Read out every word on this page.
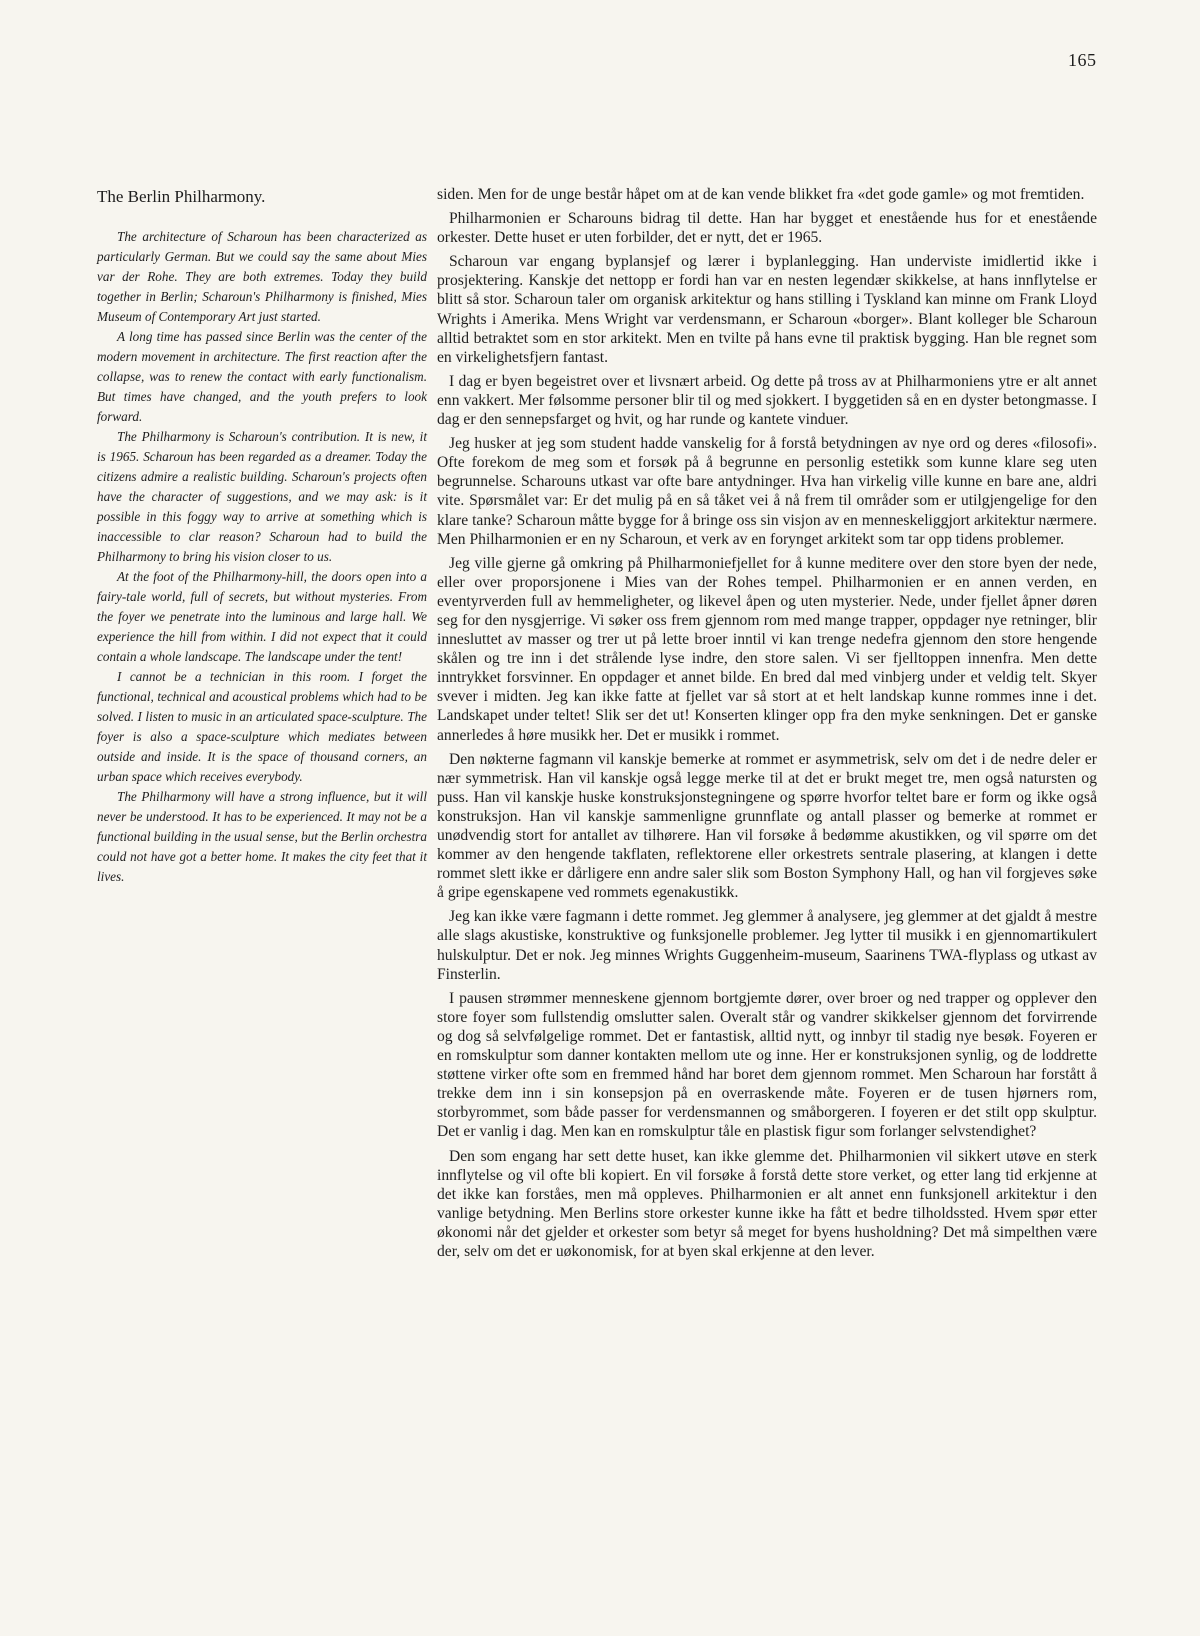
165
The Berlin Philharmony.

The architecture of Scharoun has been characterized as particularly German. But we could say the same about Mies var der Rohe. They are both extremes. Today they build together in Berlin; Scharoun's Philharmony is finished, Mies Museum of Contemporary Art just started.

A long time has passed since Berlin was the center of the modern movement in architecture. The first reaction after the collapse, was to renew the contact with early functionalism. But times have changed, and the youth prefers to look forward.

The Philharmony is Scharoun's contribution. It is new, it is 1965. Scharoun has been regarded as a dreamer. Today the citizens admire a realistic building. Scharoun's projects often have the character of suggestions, and we may ask: is it possible in this foggy way to arrive at something which is inaccessible to clar reason? Scharoun had to build the Philharmony to bring his vision closer to us.

At the foot of the Philharmony-hill, the doors open into a fairy-tale world, full of secrets, but without mysteries. From the foyer we penetrate into the luminous and large hall. We experience the hill from within. I did not expect that it could contain a whole landscape. The landscape under the tent!

I cannot be a technician in this room. I forget the functional, technical and acoustical problems which had to be solved. I listen to music in an articulated space-sculpture. The foyer is also a space-sculpture which mediates between outside and inside. It is the space of thousand corners, an urban space which receives everybody.

The Philharmony will have a strong influence, but it will never be understood. It has to be experienced. It may not be a functional building in the usual sense, but the Berlin orchestra could not have got a better home. It makes the city feet that it lives.

siden. Men for de unge består håpet om at de kan vende blikket fra «det gode gamle» og mot fremtiden.

Philharmonien er Scharouns bidrag til dette. Han har bygget et enestående hus for et enestående orkester. Dette huset er uten forbilder, det er nytt, det er 1965.

Scharoun var engang byplansjef og lærer i byplanlegging. Han underviste imidlertid ikke i prosjektering. Kanskje det nettopp er fordi han var en nesten legendær skikkelse, at hans innflytelse er blitt så stor. Scharoun taler om organisk arkitektur og hans stilling i Tyskland kan minne om Frank Lloyd Wrights i Amerika. Mens Wright var verdensmann, er Scharoun «borger». Blant kolleger ble Scharoun alltid betraktet som en stor arkitekt. Men en tvilte på hans evne til praktisk bygging. Han ble regnet som en virkelighetsfjern fantast.

I dag er byen begeistret over et livsnært arbeid. Og dette på tross av at Philharmoniens ytre er alt annet enn vakkert. Mer følsomme personer blir til og med sjokkert. I byggetiden så en en dyster betongmasse. I dag er den sennepsfarget og hvit, og har runde og kantete vinduer.

Jeg husker at jeg som student hadde vanskelig for å forstå betydningen av nye ord og deres «filosofi». Ofte forekom de meg som et forsøk på å begrunne en personlig estetikk som kunne klare seg uten begrunnelse. Scharouns utkast var ofte bare antydninger. Hva han virkelig ville kunne en bare ane, aldri vite. Spørsmålet var: Er det mulig på en så tåket vei å nå frem til områder som er utilgjengelige for den klare tanke? Scharoun måtte bygge for å bringe oss sin visjon av en menneskeliggjort arkitektur nærmere. Men Philharmonien er en ny Scharoun, et verk av en forynget arkitekt som tar opp tidens problemer.

Jeg ville gjerne gå omkring på Philharmoniefjellet for å kunne meditere over den store byen der nede, eller over proporsjonene i Mies van der Rohes tempel. Philharmonien er en annen verden, en eventyrverden full av hemmeligheter, og likevel åpen og uten mysterier. Nede, under fjellet åpner døren seg for den nysgjerrige. Vi søker oss frem gjennom rom med mange trapper, oppdager nye retninger, blir innesluttet av masser og trer ut på lette broer inntil vi kan trenge nedefra gjennom den store hengende skålen og tre inn i det strålende lyse indre, den store salen. Vi ser fjelltoppen innenfra. Men dette inntrykket forsvinner. En oppdager et annet bilde. En bred dal med vinbjerg under et veldig telt. Skyer svever i midten. Jeg kan ikke fatte at fjellet var så stort at et helt landskap kunne rommes inne i det. Landskapet under teltet! Slik ser det ut! Konserten klinger opp fra den myke senkningen. Det er ganske annerledes å høre musikk her. Det er musikk i rommet.

Den nøkterne fagmann vil kanskje bemerke at rommet er asymmetrisk, selv om det i de nedre deler er nær symmetrisk. Han vil kanskje også legge merke til at det er brukt meget tre, men også natursten og puss. Han vil kanskje huske konstruksjonstegningene og spørre hvorfor teltet bare er form og ikke også konstruksjon. Han vil kanskje sammenligne grunnflate og antall plasser og bemerke at rommet er unødvendig stort for antallet av tilhørere. Han vil forsøke å bedømme akustikken, og vil spørre om det kommer av den hengende takflaten, reflektorene eller orkestrets sentrale plasering, at klangen i dette rommet slett ikke er dårligere enn andre saler slik som Boston Symphony Hall, og han vil forgjeves søke å gripe egenskapene ved rommets egenakustikk.

Jeg kan ikke være fagmann i dette rommet. Jeg glemmer å analysere, jeg glemmer at det gjaldt å mestre alle slags akustiske, konstruktive og funksjonelle problemer. Jeg lytter til musikk i en gjennomartikulert hulskulptur. Det er nok. Jeg minnes Wrights Guggenheim-museum, Saarinens TWA-flyplass og utkast av Finsterlin.

I pausen strømmer menneskene gjennom bortgjemte dører, over broer og ned trapper og opplever den store foyer som fullstendig omslutter salen. Overalt står og vandrer skikkelser gjennom det forvirrende og dog så selvfølgelige rommet. Det er fantastisk, alltid nytt, og innbyr til stadig nye besøk. Foyeren er en romskulptur som danner kontakten mellom ute og inne. Her er konstruksjonen synlig, og de loddrette støttene virker ofte som en fremmed hånd har boret dem gjennom rommet. Men Scharoun har forstått å trekke dem inn i sin konsepsjon på en overraskende måte. Foyeren er de tusen hjørners rom, storbyrommet, som både passer for verdensmannen og småborgeren. I foyeren er det stilt opp skulptur. Det er vanlig i dag. Men kan en romskulptur tåle en plastisk figur som forlanger selvstendighet?

Den som engang har sett dette huset, kan ikke glemme det. Philharmonien vil sikkert utøve en sterk innflytelse og vil ofte bli kopiert. En vil forsøke å forstå dette store verket, og etter lang tid erkjenne at det ikke kan forståes, men må oppleves. Philharmonien er alt annet enn funksjonell arkitektur i den vanlige betydning. Men Berlins store orkester kunne ikke ha fått et bedre tilholdssted. Hvem spør etter økonomi når det gjelder et orkester som betyr så meget for byens husholdning? Det må simpelthen være der, selv om det er uøkonomisk, for at byen skal erkjenne at den lever.
